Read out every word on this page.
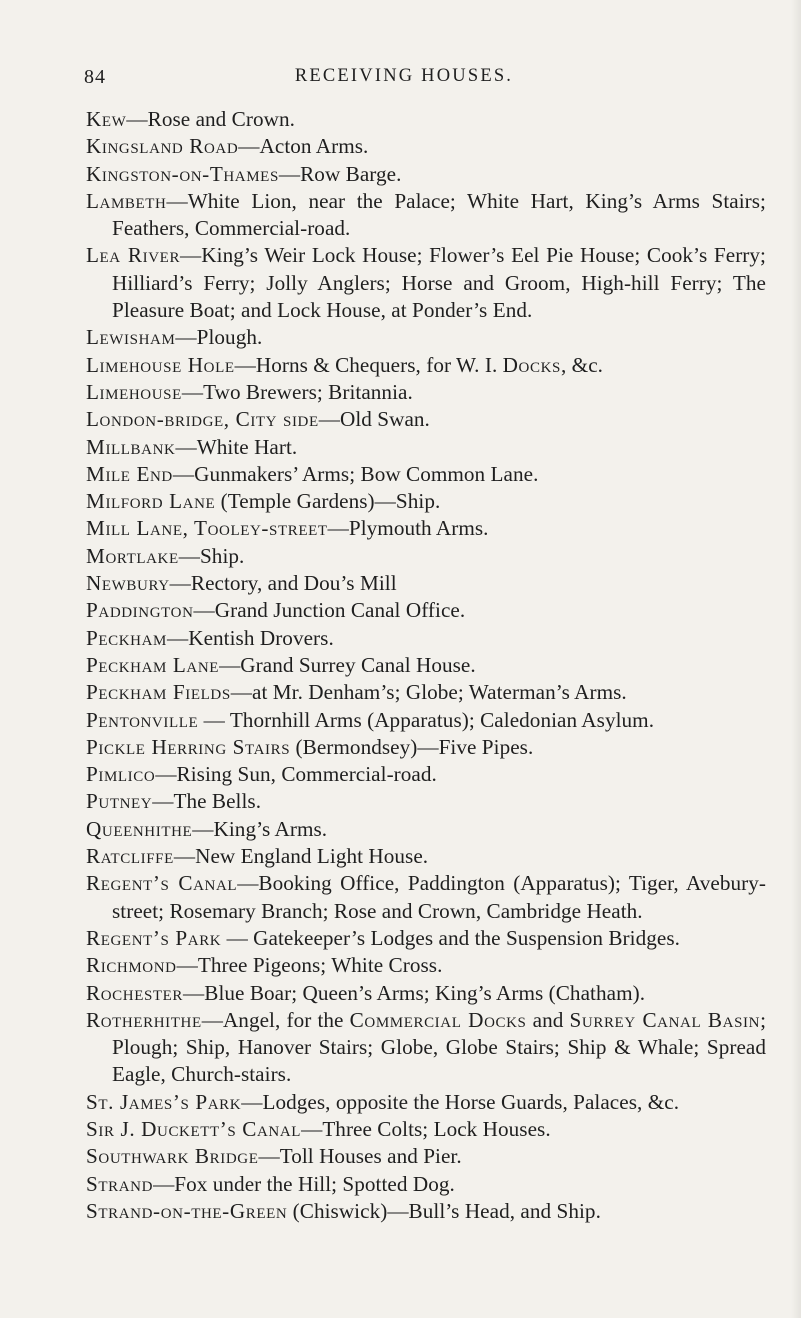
84	RECEIVING HOUSES.
Kew—Rose and Crown.
Kingsland Road—Acton Arms.
Kingston-on-Thames—Row Barge.
Lambeth—White Lion, near the Palace; White Hart, King’s Arms Stairs; Feathers, Commercial-road.
Lea River—King’s Weir Lock House; Flower’s Eel Pie House; Cook’s Ferry; Hilliard’s Ferry; Jolly Anglers; Horse and Groom, High-hill Ferry; The Pleasure Boat; and Lock House, at Ponder’s End.
Lewisham—Plough.
Limehouse Hole—Horns & Chequers, for W. I. Docks, &c.
Limehouse—Two Brewers; Britannia.
London-bridge, City side—Old Swan.
Millbank—White Hart.
Mile End—Gunmakers’ Arms; Bow Common Lane.
Milford Lane (Temple Gardens)—Ship.
Mill Lane, Tooley-street—Plymouth Arms.
Mortlake—Ship.
Newbury—Rectory, and Dou’s Mill
Paddington—Grand Junction Canal Office.
Peckham—Kentish Drovers.
Peckham Lane—Grand Surrey Canal House.
Peckham Fields—at Mr. Denham’s; Globe; Waterman’s Arms.
Pentonville — Thornhill Arms (Apparatus); Caledonian Asylum.
Pickle Herring Stairs (Bermondsey)—Five Pipes.
Pimlico—Rising Sun, Commercial-road.
Putney—The Bells.
Queenhithe—King’s Arms.
Ratcliffe—New England Light House.
Regent’s Canal—Booking Office, Paddington (Apparatus); Tiger, Avebury-street; Rosemary Branch; Rose and Crown, Cambridge Heath.
Regent’s Park — Gatekeeper’s Lodges and the Suspension Bridges.
Richmond—Three Pigeons; White Cross.
Rochester—Blue Boar; Queen’s Arms; King’s Arms (Chatham).
Rotherhithe—Angel, for the Commercial Docks and Surrey Canal Basin; Plough; Ship, Hanover Stairs; Globe, Globe Stairs; Ship & Whale; Spread Eagle, Church-stairs.
St. James’s Park—Lodges, opposite the Horse Guards, Palaces, &c.
Sir J. Duckett’s Canal—Three Colts; Lock Houses.
Southwark Bridge—Toll Houses and Pier.
Strand—Fox under the Hill; Spotted Dog.
Strand-on-the-Green (Chiswick)—Bull’s Head, and Ship.
